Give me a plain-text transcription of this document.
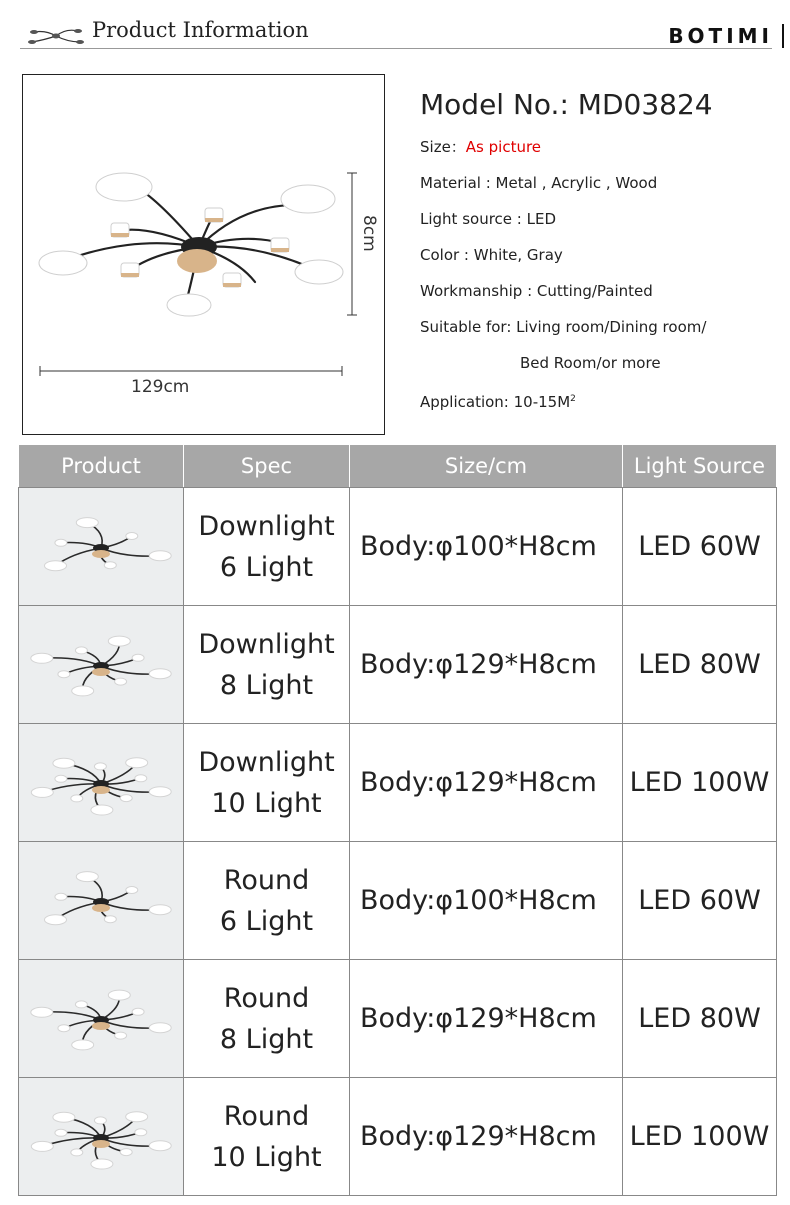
Product Information	BOTIMI
129cm
8cm
Model No.: MD03824
Size：As picture
Material : Metal , Acrylic , Wood
Light source : LED
Color : White, Gray
Workmanship : Cutting/Painted
Suitable for: Living room/Dining room/
Bed Room/or more
Application: $10-15M^2$
Product	Spec	Size/cm	Light Source

Downlight
6 Light	Body:φ100*H8cm	LED 60W

Downlight
8 Light	Body:φ129*H8cm	LED 80W

Downlight
10 Light	Body:φ129*H8cm	LED 100W

Round
6 Light	Body:φ100*H8cm	LED 60W

Round
8 Light	Body:φ129*H8cm	LED 80W

Round
10 Light	Body:φ129*H8cm	LED 100W
